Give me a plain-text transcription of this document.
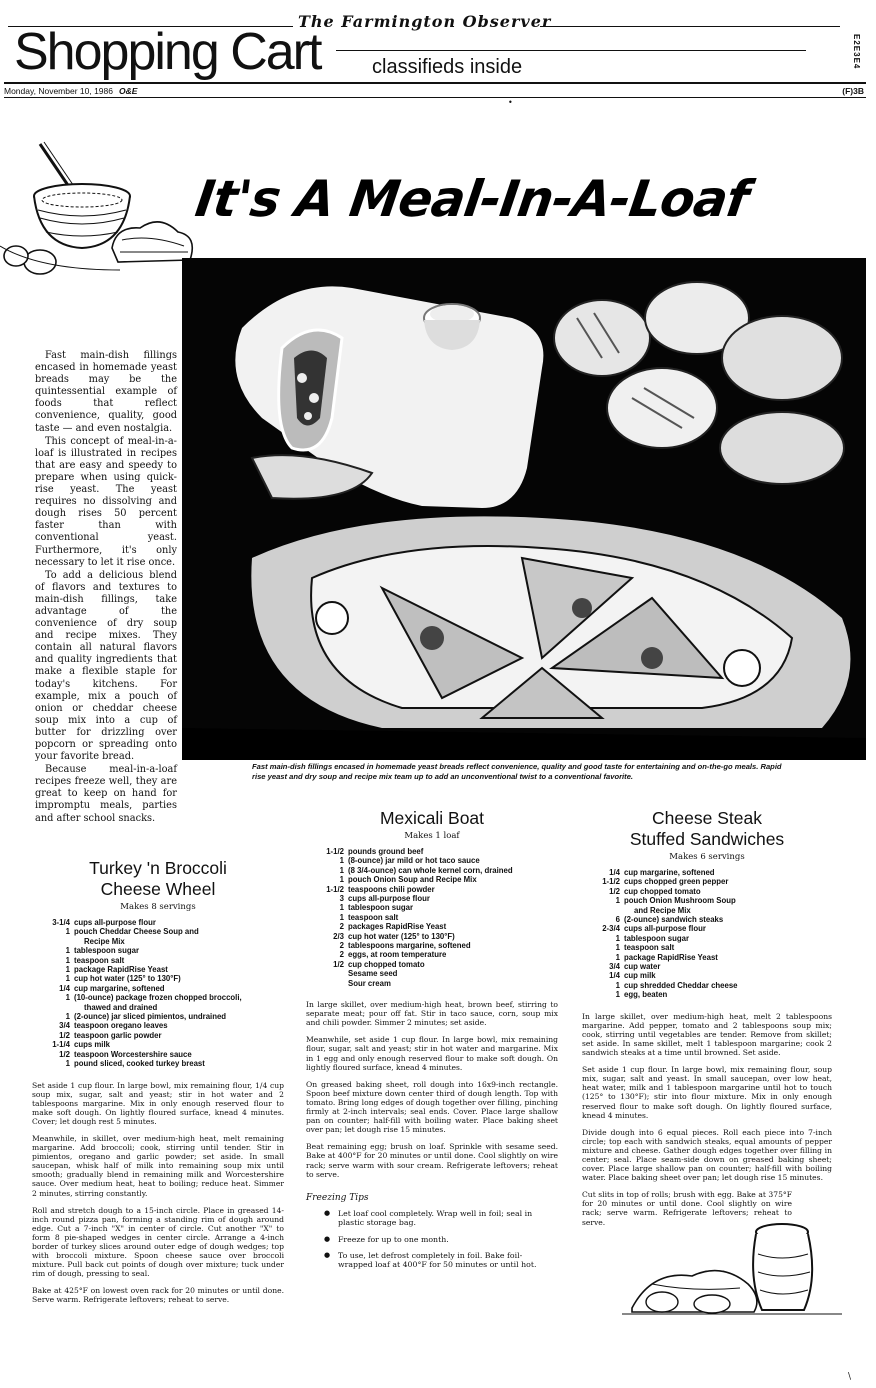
The Farmington Observer
Shopping Cart	classifieds inside	E2E3E4
Monday, November 10, 1986 O&E	(F)3B
•
It's A Meal-In-A-Loaf
Fast main-dish fillings encased in homemade yeast breads reflect convenience, quality and good taste for entertaining and on-the-go meals. Rapid rise yeast and dry soup and recipe mix team up to add an unconventional twist to a conventional favorite.

Fast main-dish fillings encased in homemade yeast breads may be the quintessential example of foods that reflect convenience, quality, good taste — and even nostalgia.

This concept of meal-in-a-loaf is illustrated in recipes that are easy and speedy to prepare when using quick-rise yeast. The yeast requires no dissolving and dough rises 50 percent faster than with conventional yeast. Furthermore, it's only necessary to let it rise once.

To add a delicious blend of flavors and textures to main-dish fillings, take advantage of the convenience of dry soup and recipe mixes. They contain all natural flavors and quality ingredients that make a flexible staple for today's kitchens. For example, mix a pouch of onion or cheddar cheese soup mix into a cup of butter for drizzling over popcorn or spreading onto your favorite bread.

Because meal-in-a-loaf recipes freeze well, they are great to keep on hand for impromptu meals, parties and after school snacks.

Turkey 'n Broccoli
Cheese Wheel
Makes 8 servings
3-1/4 cups all-purpose flour
1 pouch Cheddar Cheese Soup and
Recipe Mix
1 tablespoon sugar
1 teaspoon salt
1 package RapidRise Yeast
1 cup hot water (125° to 130°F)
1/4 cup margarine, softened
1 (10-ounce) package frozen chopped broccoli,
thawed and drained
1 (2-ounce) jar sliced pimientos, undrained
3/4 teaspoon oregano leaves
1/2 teaspoon garlic powder
1-1/4 cups milk
1/2 teaspoon Worcestershire sauce
1 pound sliced, cooked turkey breast

Set aside 1 cup flour. In large bowl, mix remaining flour, 1/4 cup soup mix, sugar, salt and yeast; stir in hot water and 2 tablespoons margarine. Mix in only enough reserved flour to make soft dough. On lightly floured surface, knead 4 minutes. Cover; let dough rest 5 minutes.

Meanwhile, in skillet, over medium-high heat, melt remaining margarine. Add broccoli; cook, stirring until tender. Stir in pimientos, oregano and garlic powder; set aside. In small saucepan, whisk half of milk into remaining soup mix until smooth; gradually blend in remaining milk and Worcestershire sauce. Over medium heat, heat to boiling; reduce heat. Simmer 2 minutes, stirring constantly.

Roll and stretch dough to a 15-inch circle. Place in greased 14-inch round pizza pan, forming a standing rim of dough around edge. Cut a 7-inch "X" in center of circle. Cut another "X" to form 8 pie-shaped wedges in center circle. Arrange a 4-inch border of turkey slices around outer edge of dough wedges; top with broccoli mixture. Spoon cheese sauce over broccoli mixture. Pull back cut points of dough over mixture; tuck under rim of dough, pressing to seal.

Bake at 425°F on lowest oven rack for 20 minutes or until done. Serve warm. Refrigerate leftovers; reheat to serve.

Mexicali Boat
Makes 1 loaf
1-1/2 pounds ground beef
1 (8-ounce) jar mild or hot taco sauce
1 (8 3/4-ounce) can whole kernel corn, drained
1 pouch Onion Soup and Recipe Mix
1-1/2 teaspoons chili powder
3 cups all-purpose flour
1 tablespoon sugar
1 teaspoon salt
2 packages RapidRise Yeast
2/3 cup hot water (125° to 130°F)
2 tablespoons margarine, softened
2 eggs, at room temperature
1/2 cup chopped tomato
Sesame seed
Sour cream

In large skillet, over medium-high heat, brown beef, stirring to separate meat; pour off fat. Stir in taco sauce, corn, soup mix and chili powder. Simmer 2 minutes; set aside.

Meanwhile, set aside 1 cup flour. In large bowl, mix remaining flour, sugar, salt and yeast; stir in hot water and margarine. Mix in 1 egg and only enough reserved flour to make soft dough. On lightly floured surface, knead 4 minutes.

On greased baking sheet, roll dough into 16x9-inch rectangle. Spoon beef mixture down center third of dough length. Top with tomato. Bring long edges of dough together over filling, pinching firmly at 2-inch intervals; seal ends. Cover. Place large shallow pan on counter; half-fill with boiling water. Place baking sheet over pan; let dough rise 15 minutes.

Beat remaining egg; brush on loaf. Sprinkle with sesame seed. Bake at 400°F for 20 minutes or until done. Cool slightly on wire rack; serve warm with sour cream. Refrigerate leftovers; reheat to serve.

Freezing Tips
● Let loaf cool completely. Wrap well in foil; seal in plastic storage bag.
● Freeze for up to one month.
● To use, let defrost completely in foil. Bake foil-wrapped loaf at 400°F for 50 minutes or until hot.
Cheese Steak
Stuffed Sandwiches
Makes 6 servings
1/4 cup margarine, softened
1-1/2 cups chopped green pepper
1/2 cup chopped tomato
1 pouch Onion Mushroom Soup
and Recipe Mix
6 (2-ounce) sandwich steaks
2-3/4 cups all-purpose flour
1 tablespoon sugar
1 teaspoon salt
1 package RapidRise Yeast
3/4 cup water
1/4 cup milk
1 cup shredded Cheddar cheese
1 egg, beaten

In large skillet, over medium-high heat, melt 2 tablespoons margarine. Add pepper, tomato and 2 tablespoons soup mix; cook, stirring until vegetables are tender. Remove from skillet; set aside. In same skillet, melt 1 tablespoon margarine; cook 2 sandwich steaks at a time until browned. Set aside.

Set aside 1 cup flour. In large bowl, mix remaining flour, soup mix, sugar, salt and yeast. In small saucepan, over low heat, heat water, milk and 1 tablespoon margarine until hot to touch (125° to 130°F); stir into flour mixture. Mix in only enough reserved flour to make soft dough. On lightly floured surface, knead 4 minutes.

Divide dough into 6 equal pieces. Roll each piece into 7-inch circle; top each with sandwich steaks, equal amounts of pepper mixture and cheese. Gather dough edges together over filling in center; seal. Place seam-side down on greased baking sheet; cover. Place large shallow pan on counter; half-fill with boiling water. Place baking sheet over pan; let dough rise 15 minutes.

Cut slits in top of rolls; brush with egg. Bake at 375°F for 20 minutes or until done. Cool slightly on wire rack; serve warm. Refrigerate leftovers; reheat to serve.

\
